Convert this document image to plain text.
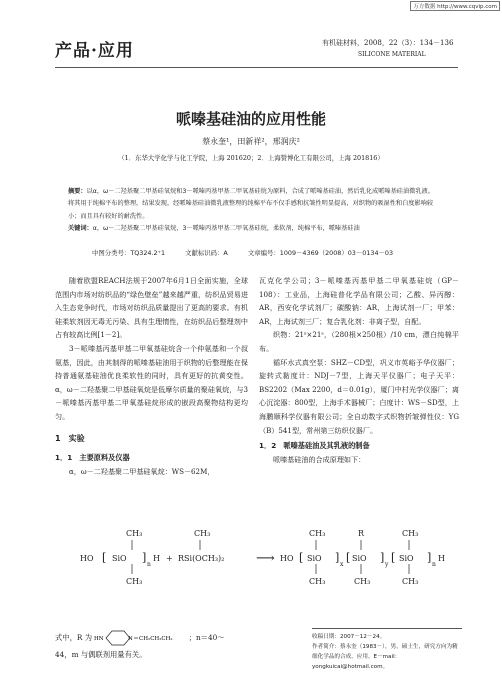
万方数据 http://www.cqvip.com
产品·应用	有机硅材料，2008，22（3）：134－136
SILICONE MATERIAL
哌嗪基硅油的应用性能
蔡永奎¹，田新祥²，邢润庆²
（1．东华大学化学与化工学院，上海 201620；2．上海赞博化工有限公司，上海 201816）
摘要：以α，ω－二羟基聚二甲基硅氧烷和3－哌嗪丙基甲基二甲氧基硅烷为原料，合成了哌嗪基硅油，然后乳化成哌嗪基硅油微乳液。将其用于纯棉平布的整理，结果发现，经哌嗪基硅油微乳液整理的纯棉平布不仅手感和抗皱性明显提高，对织物的吸湿性和白度影响较小；而且具有较好的耐洗性。
关键词：α，ω－二羟基聚二甲基硅氧烷，3－哌嗪丙基甲基二甲氧基硅烷，柔软剂，纯棉平布，哌嗪基硅油
中图分类号：TQ324.2⁺1	文献标识码：A	文章编号：1009－4369（2008）03－0134－03

随着欧盟REACH法规于2007年6月1日全面实施，全球范围内市场对纺织品的“绿色壁垒”越来越严重，纺织品贸易进入生态竞争时代，市场对纺织品质量提出了更高的要求。有机硅柔软剂因无毒无污染、具有生理惰性，在纺织品后整理剂中占有较高比例[1－2]。

3－哌嗪基丙基甲基二甲氧基硅烷含一个仲氨基和一个叔氨基，因此，由其制得的哌嗪基硅油用于织物的后整理能在保持普通氨基硅油优良柔软性的同时，具有更好的抗黄变性。α，ω－二羟基聚二甲基硅氧烷是低摩尔质量的聚硅氧烷，与3－哌嗪基丙基甲基二甲氧基硅烷形成的嵌段高聚物结构更均匀。

1　实验
1．1　主要原料及仪器

α，ω－二羟基聚二甲基硅氧烷：WS－62M，

瓦克化学公司；3－哌嗪基丙基甲基二甲氧基硅烷（GP－108）：工业品，上海硅普化学品有限公司；乙酸、异丙醇：AR，西安化学试剂厂；碳酸钠：AR，上海试剂一厂；甲苯：AR，上海试剂三厂；复合乳化剂：非离子型，自配。

织物：21ˢ×21ˢ，（280根×250根）/10 cm，漂白纯棉平布。

循环水式真空泵：SHZ－CD型，巩义市英峪予华仪器厂；旋转式黏度计：NDJ－7型，上海天平仪器厂；电子天平：BS2202（Max 2200，d＝0.01g），厦门中村光学仪器厂；离心沉淀器：800型，上海手术器械厂；白度计：WS－SD型，上海鹏顺科学仪器有限公司；全自动数字式织物折皱弹性仪：YG（B）541型，常州第三纺织仪器厂。

1．2　哌嗪基硅油及其乳液的制备

哌嗪基硅油的合成原理如下：

CH₃
CH₃
HO [ SiO ]
n
H +
CH₃
RSi(OCH₃)₂ ⟶ HO [
CH₃
SiO
CH₃
]
x
[
R
SiO
CH₃
]
y
[
CH₃
SiO
CH₃
]
n
H
式中，R 为 HN	N CH₂CH₂CH₂ ；n＝40～
44，m 与偶联剂用量有关。
收稿日期：2007－12－24。
作者简介：蔡永奎（1983－），男，硕士生，研究方向为精细化学品的合成、应用。E－mail：yongkuicai@hotmail.com。
